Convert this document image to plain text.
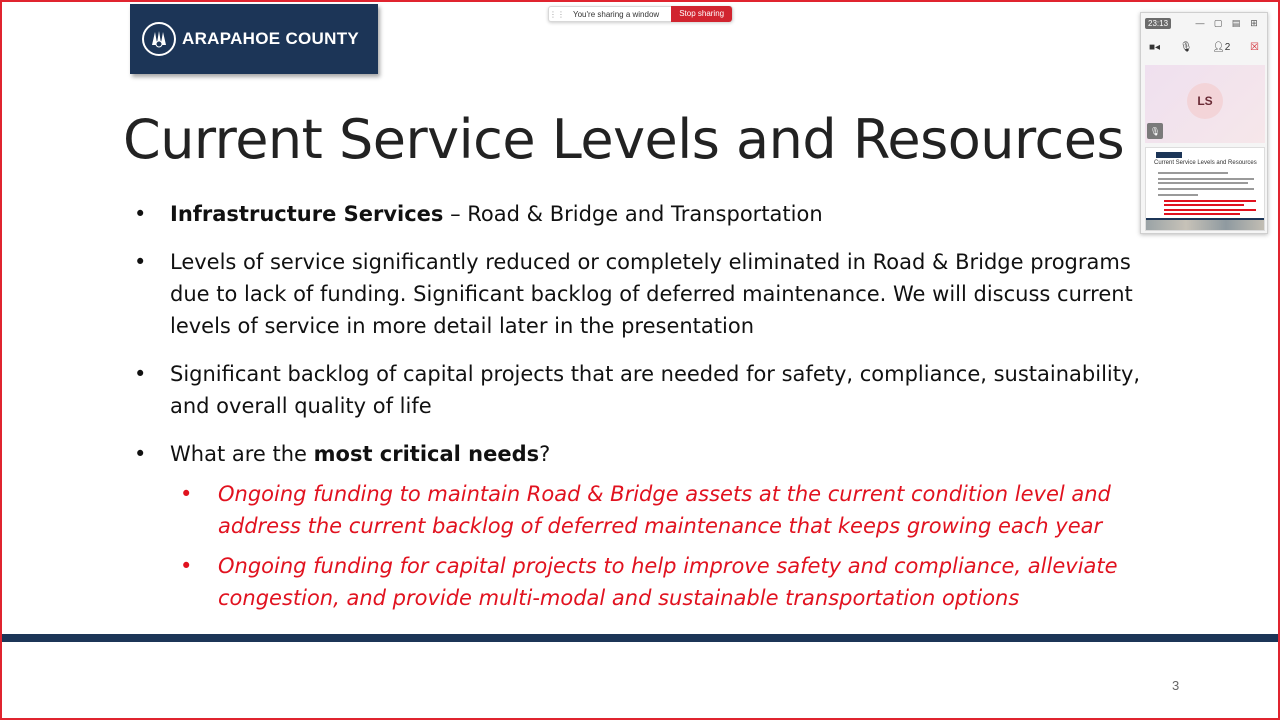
⋮⋮	You're sharing a window	Stop sharing
ARAPAHOE COUNTY
Current Service Levels and Resources
•	Infrastructure Services – Road & Bridge and Transportation
•	Levels of service significantly reduced or completely eliminated in Road & Bridge programs due to lack of funding. Significant backlog of deferred maintenance. We will discuss current levels of service in more detail later in the presentation
•	Significant backlog of capital projects that are needed for safety, compliance, sustainability, and overall quality of life
•	What are the most critical needs?
•	Ongoing funding to maintain Road & Bridge assets at the current condition level and address the current backlog of deferred maintenance that keeps growing each year
•	Ongoing funding for capital projects to help improve safety and compliance, alleviate congestion, and provide multi-modal and sustainable transportation options
3
23:13	—	▢	▤	⊞
■◂ 🎙︎ 👤︎2 ☒
LS
🎙︎
Current Service Levels and Resources
